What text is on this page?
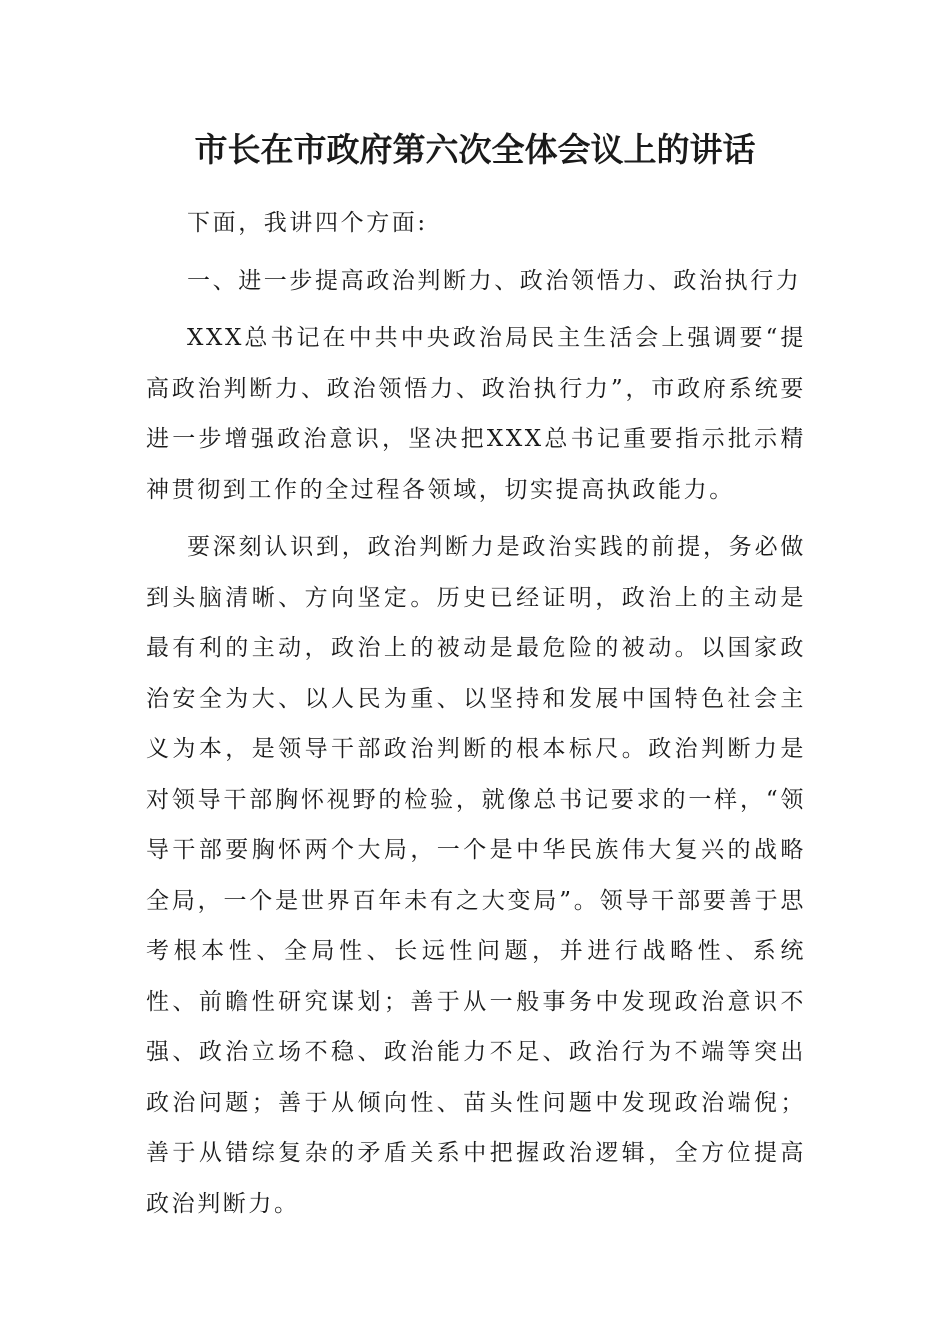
市长在市政府第六次全体会议上的讲话

下面，我讲四个方面:

一、进一步提高政治判断力、政治领悟力、政治执行力

XXX总书记在中共中央政治局民主生活会上强调要“提高政治判断力、政治领悟力、政治执行力”，市政府系统要进一步增强政治意识，坚决把XXX总书记重要指示批示精神贯彻到工作的全过程各领域，切实提高执政能力。

要深刻认识到，政治判断力是政治实践的前提，务必做到头脑清晰、方向坚定。历史已经证明，政治上的主动是最有利的主动，政治上的被动是最危险的被动。以国家政治安全为大、以人民为重、以坚持和发展中国特色社会主义为本，是领导干部政治判断的根本标尺。政治判断力是对领导干部胸怀视野的检验，就像总书记要求的一样，“领导干部要胸怀两个大局，一个是中华民族伟大复兴的战略全局，一个是世界百年未有之大变局”。领导干部要善于思考根本性、全局性、长远性问题，并进行战略性、系统性、前瞻性研究谋划；善于从一般事务中发现政治意识不强、政治立场不稳、政治能力不足、政治行为不端等突出政治问题；善于从倾向性、苗头性问题中发现政治端倪；善于从错综复杂的矛盾关系中把握政治逻辑，全方位提高政治判断力。
